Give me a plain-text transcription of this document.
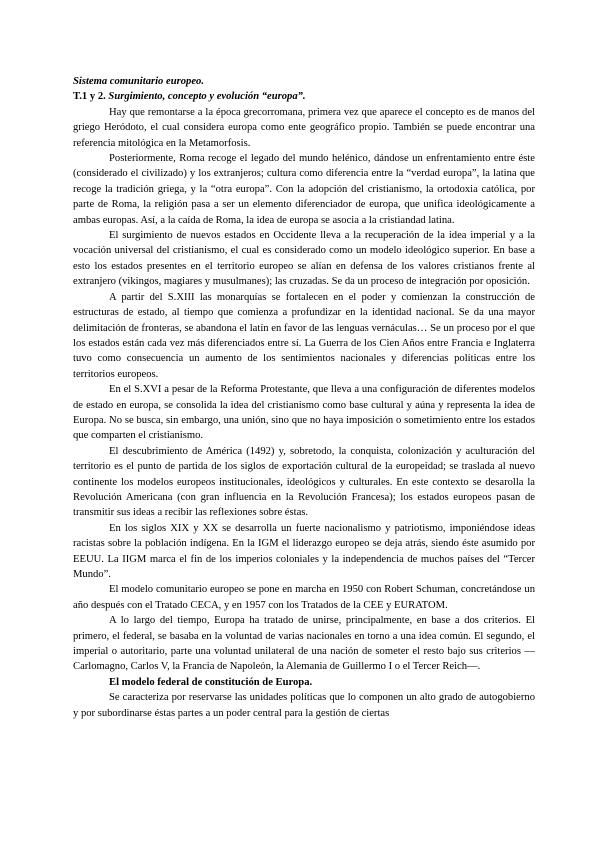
Sistema comunitario europeo.

T.1 y 2. Surgimiento, concepto y evolución “europa”.

Hay que remontarse a la época grecorromana, primera vez que aparece el concepto es de manos del griego Heródoto, el cual considera europa como ente geográfico propio. También se puede encontrar una referencia mitológica en la Metamorfosis.

Posteriormente, Roma recoge el legado del mundo helénico, dándose un enfrentamiento entre éste (considerado el civilizado) y los extranjeros; cultura como diferencia entre la “verdad europa”, la latina que recoge la tradición griega, y la “otra europa”. Con la adopción del cristianismo, la ortodoxia católica, por parte de Roma, la religión pasa a ser un elemento diferenciador de europa, que unifica ideológicamente a ambas europas. Así, a la caída de Roma, la idea de europa se asocia a la cristiandad latina.

El surgimiento de nuevos estados en Occidente lleva a la recuperación de la idea imperial y a la vocación universal del cristianismo, el cual es considerado como un modelo ideológico superior. En base a esto los estados presentes en el territorio europeo se alían en defensa de los valores cristianos frente al extranjero (vikingos, magiares y musulmanes); las cruzadas. Se da un proceso de integración por oposición.

A partir del S.XIII las monarquías se fortalecen en el poder y comienzan la construcción de estructuras de estado, al tiempo que comienza a profundizar en la identidad nacional. Se da una mayor delimitación de fronteras, se abandona el latín en favor de las lenguas vernáculas… Se un proceso por el que los estados están cada vez más diferenciados entre sí. La Guerra de los Cien Años entre Francia e Inglaterra tuvo como consecuencia un aumento de los sentimientos nacionales y diferencias políticas entre los territorios europeos.

En el S.XVI a pesar de la Reforma Protestante, que lleva a una configuración de diferentes modelos de estado en europa, se consolida la idea del cristianismo como base cultural y aúna y representa la idea de Europa. No se busca, sin embargo, una unión, sino que no haya imposición o sometimiento entre los estados que comparten el cristianismo.

El descubrimiento de América (1492) y, sobretodo, la conquista, colonización y aculturación del territorio es el punto de partida de los siglos de exportación cultural de la europeidad; se traslada al nuevo continente los modelos europeos institucionales, ideológicos y culturales. En este contexto se desarolla la Revolución Americana (con gran influencia en la Revolución Francesa); los estados europeos pasan de transmitir sus ideas a recibir las reflexiones sobre éstas.

En los siglos XIX y XX se desarrolla un fuerte nacionalismo y patriotismo, imponiéndose ideas racistas sobre la población indígena. En la IGM el liderazgo europeo se deja atrás, siendo éste asumido por EEUU. La IIGM marca el fin de los imperios coloniales y la independencia de muchos países del “Tercer Mundo”.

El modelo comunitario europeo se pone en marcha en 1950 con Robert Schuman, concretándose un año después con el Tratado CECA, y en 1957 con los Tratados de la CEE y EURATOM.

A lo largo del tiempo, Europa ha tratado de unirse, principalmente, en base a dos criterios. El primero, el federal, se basaba en la voluntad de varias nacionales en torno a una idea común. El segundo, el imperial o autoritario, parte una voluntad unilateral de una nación de someter el resto bajo sus criterios —Carlomagno, Carlos V, la Francia de Napoleón, la Alemania de Guillermo I o el Tercer Reich—.

El modelo federal de constitución de Europa.

Se caracteriza por reservarse las unidades políticas que lo componen un alto grado de autogobierno y por subordinarse éstas partes a un poder central para la gestión de ciertas
